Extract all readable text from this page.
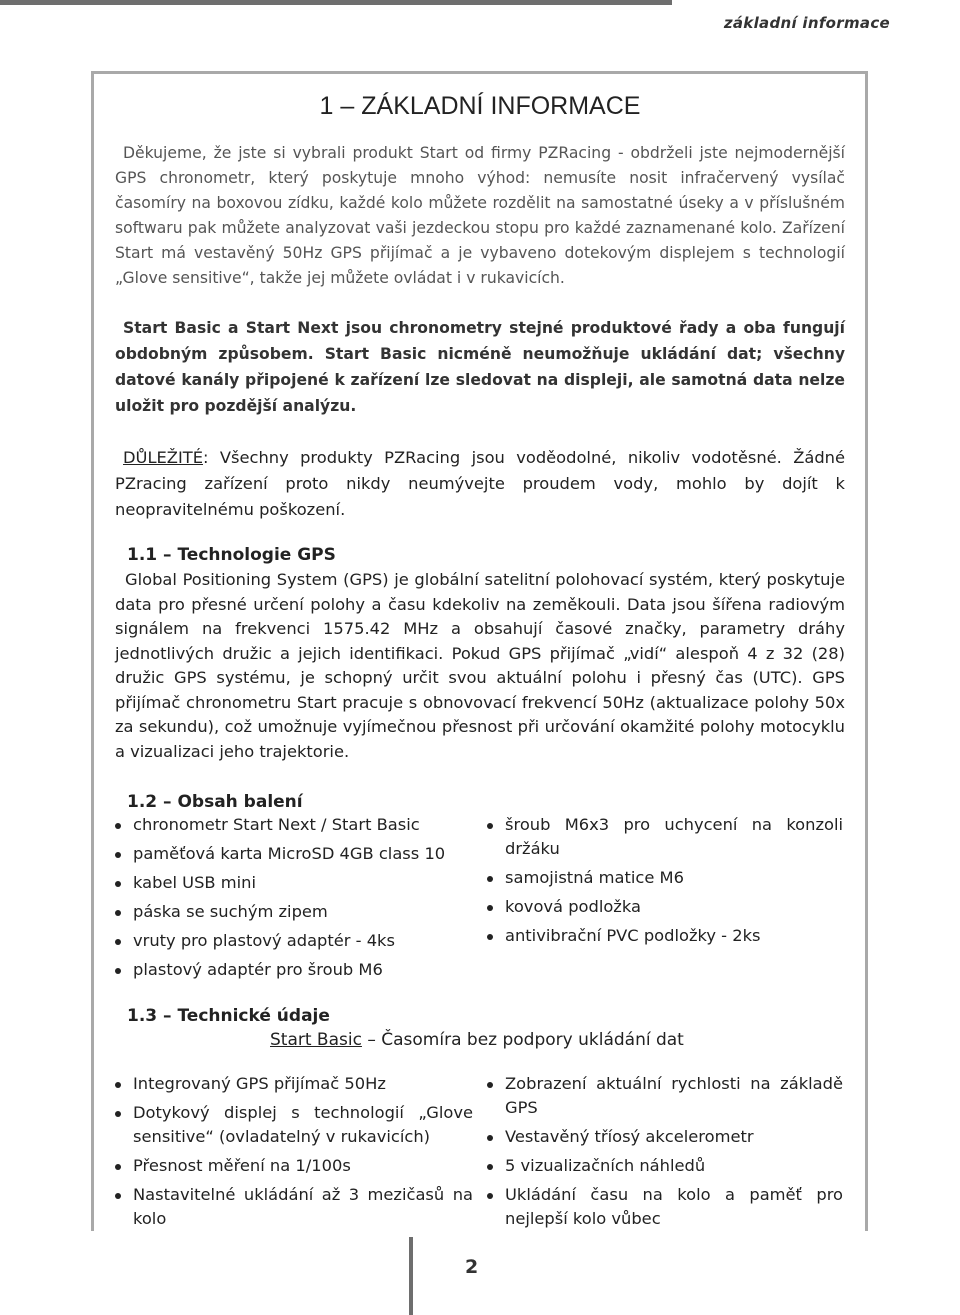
základní informace
1 – ZÁKLADNÍ INFORMACE

Děkujeme, že jste si vybrali produkt Start od firmy PZRacing - obdrželi jste nejmodernější GPS chronometr, který poskytuje mnoho výhod: nemusíte nosit infračervený vysílač časomíry na boxovou zídku, každé kolo můžete rozdělit na samostatné úseky a v příslušném softwaru pak můžete analyzovat vaši jezdeckou stopu pro každé zaznamenané kolo. Zařízení Start má vestavěný 50Hz GPS přijímač a je vybaveno dotekovým displejem s technologií „Glove sensitive“, takže jej můžete ovládat i v rukavicích.

Start Basic a Start Next jsou chronometry stejné produktové řady a oba fungují obdobným způsobem. Start Basic nicméně neumožňuje ukládání dat; všechny datové kanály připojené k zařízení lze sledovat na displeji, ale samotná data nelze uložit pro pozdější analýzu.

DŮLEŽITÉ: Všechny produkty PZRacing jsou voděodolné, nikoliv vodotěsné. Žádné PZracing zařízení proto nikdy neumývejte proudem vody, mohlo by dojít k neopravitelnému poškození.

1.1 – Technologie GPS

Global Positioning System (GPS) je globální satelitní polohovací systém, který poskytuje data pro přesné určení polohy a času kdekoliv na zeměkouli. Data jsou šířena radiovým signálem na frekvenci 1575.42 MHz a obsahují časové značky, parametry dráhy jednotlivých družic a jejich identifikaci. Pokud GPS přijímač „vidí“ alespoň 4 z 32 (28) družic GPS systému, je schopný určit svou aktuální polohu i přesný čas (UTC). GPS přijímač chronometru Start pracuje s obnovovací frekvencí 50Hz (aktualizace polohy 50x za sekundu), což umožnuje vyjímečnou přesnost při určování okamžité polohy motocyklu a vizualizaci jeho trajektorie.

1.2 – Obsah balení
chronometr Start Next / Start Basic
paměťová karta MicroSD 4GB class 10
kabel USB mini
páska se suchým zipem
vruty pro plastový adaptér - 4ks
plastový adaptér pro šroub M6
šroub M6x3 pro uchycení na konzoli držáku
samojistná matice M6
kovová podložka
antivibrační PVC podložky - 2ks
1.3 – Technické údaje
Start Basic – Časomíra bez podpory ukládání dat
Integrovaný GPS přijímač 50Hz
Dotykový displej s technologií „Glove sensitive“ (ovladatelný v rukavicích)
Přesnost měření na 1/100s
Nastavitelné ukládání až 3 mezičasů na kolo
Zobrazení aktuální rychlosti na základě GPS
Vestavěný tříosý akcelerometr
5 vizualizačních náhledů
Ukládání času na kolo a paměť pro nejlepší kolo vůbec
2
